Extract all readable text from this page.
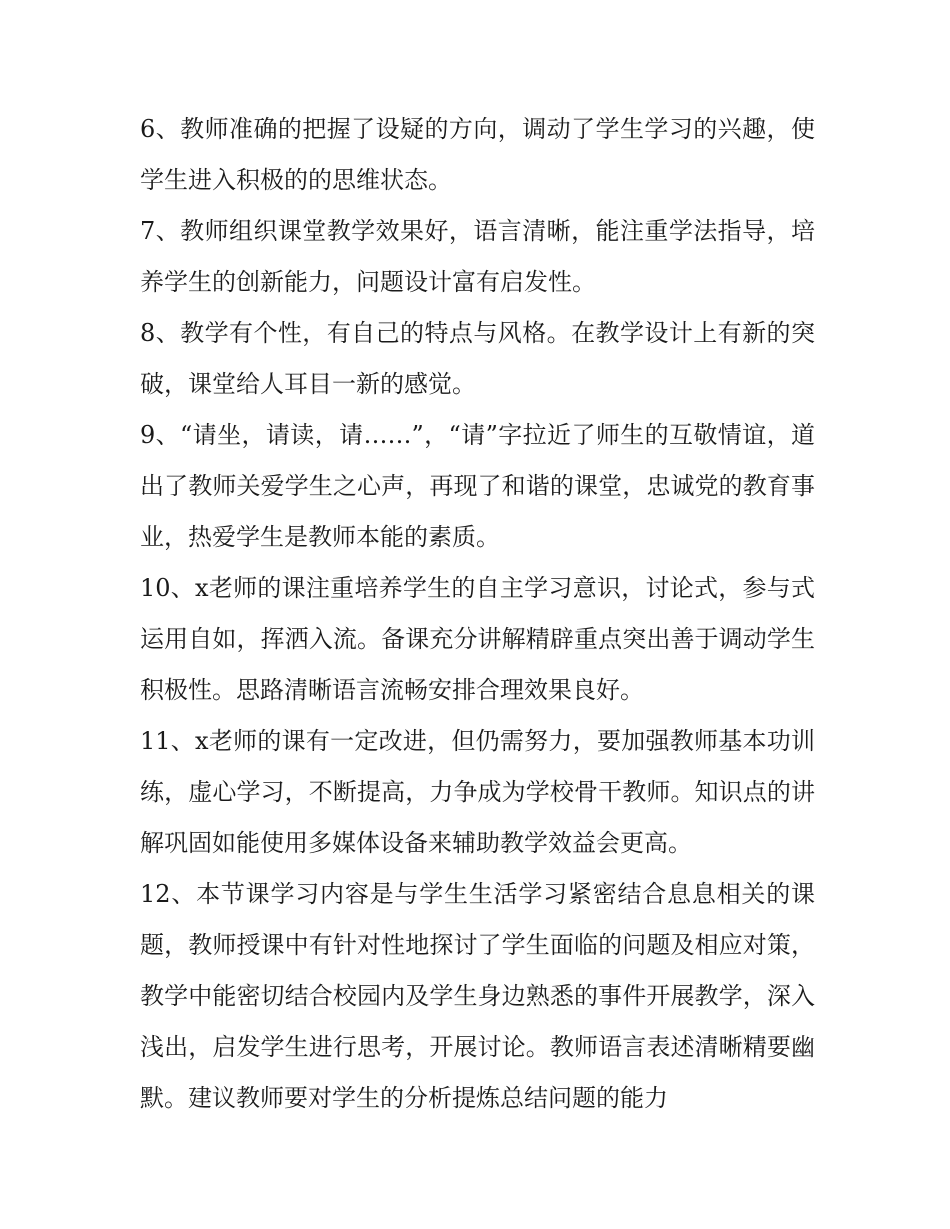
6、教师准确的把握了设疑的方向，调动了学生学习的兴趣，使学生进入积极的的思维状态。

7、教师组织课堂教学效果好，语言清晰，能注重学法指导，培养学生的创新能力，问题设计富有启发性。

8、教学有个性，有自己的特点与风格。在教学设计上有新的突破，课堂给人耳目一新的感觉。

9、“请坐，请读，请……”，“请”字拉近了师生的互敬情谊，道出了教师关爱学生之心声，再现了和谐的课堂，忠诚党的教育事业，热爱学生是教师本能的素质。

10、x老师的课注重培养学生的自主学习意识，讨论式，参与式运用自如，挥洒入流。备课充分讲解精辟重点突出善于调动学生积极性。思路清晰语言流畅安排合理效果良好。

11、x老师的课有一定改进，但仍需努力，要加强教师基本功训练，虚心学习，不断提高，力争成为学校骨干教师。知识点的讲解巩固如能使用多媒体设备来辅助教学效益会更高。

12、本节课学习内容是与学生生活学习紧密结合息息相关的课题，教师授课中有针对性地探讨了学生面临的问题及相应对策，教学中能密切结合校园内及学生身边熟悉的事件开展教学，深入浅出，启发学生进行思考，开展讨论。教师语言表述清晰精要幽默。建议教师要对学生的分析提炼总结问题的能力
